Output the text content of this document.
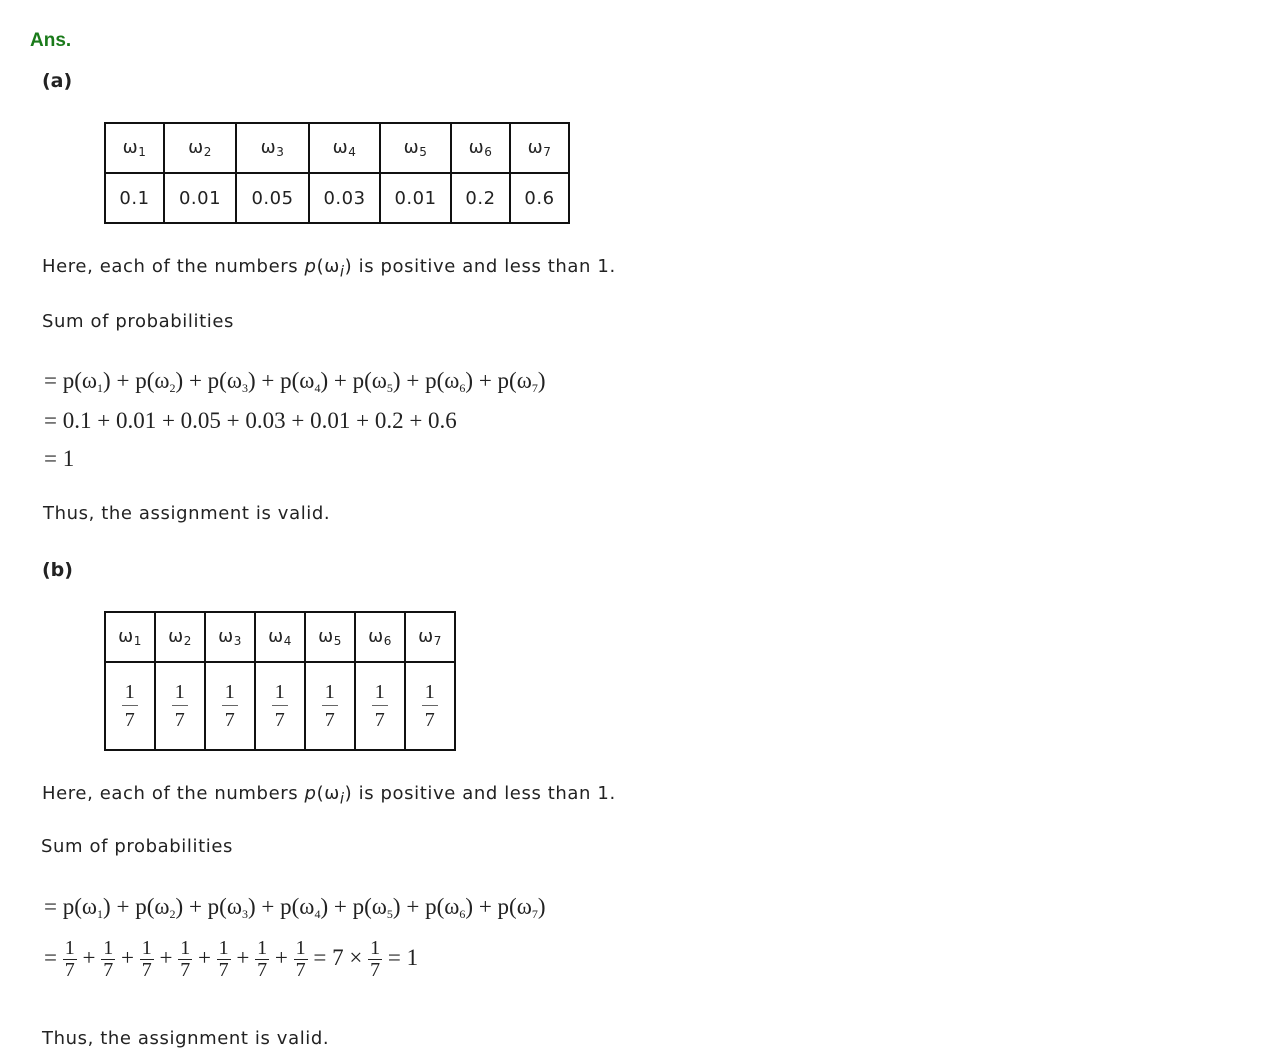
Ans.
(a)
$\omega_1$	$\omega_2$	$\omega_3$	$\omega_4$	$\omega_5$	$\omega_6$	$\omega_7$
0.1	0.01	0.05	0.03	0.01	0.2	0.6
Here, each of the numbers $p(\omega_i)$ is positive and less than 1.
Sum of probabilities
= $p(\omega_1) + p(\omega_2) + p(\omega_3) + p(\omega_4) + p(\omega_5) + p(\omega_6) + p(\omega_7)$
= 0.1 + 0.01 + 0.05 + 0.03 + 0.01 + 0.2 + 0.6
= 1
Thus, the assignment is valid.
(b)
$\omega_1$	$\omega_2$	$\omega_3$	$\omega_4$	$\omega_5$	$\omega_6$	$\omega_7$

$\frac{1}{7}$	$\frac{1}{7}$	$\frac{1}{7}$	$\frac{1}{7}$	$\frac{1}{7}$	$\frac{1}{7}$	$\frac{1}{7}$
Here, each of the numbers $p(\omega_i)$ is positive and less than 1.
Sum of probabilities
= $p(\omega_1) + p(\omega_2) + p(\omega_3) + p(\omega_4) + p(\omega_5) + p(\omega_6) + p(\omega_7)$
= $\frac{1}{7} + \frac{1}{7} + \frac{1}{7} + \frac{1}{7} + \frac{1}{7} + \frac{1}{7} + \frac{1}{7} = 7 \times \frac{1}{7} = 1$
Thus, the assignment is valid.
